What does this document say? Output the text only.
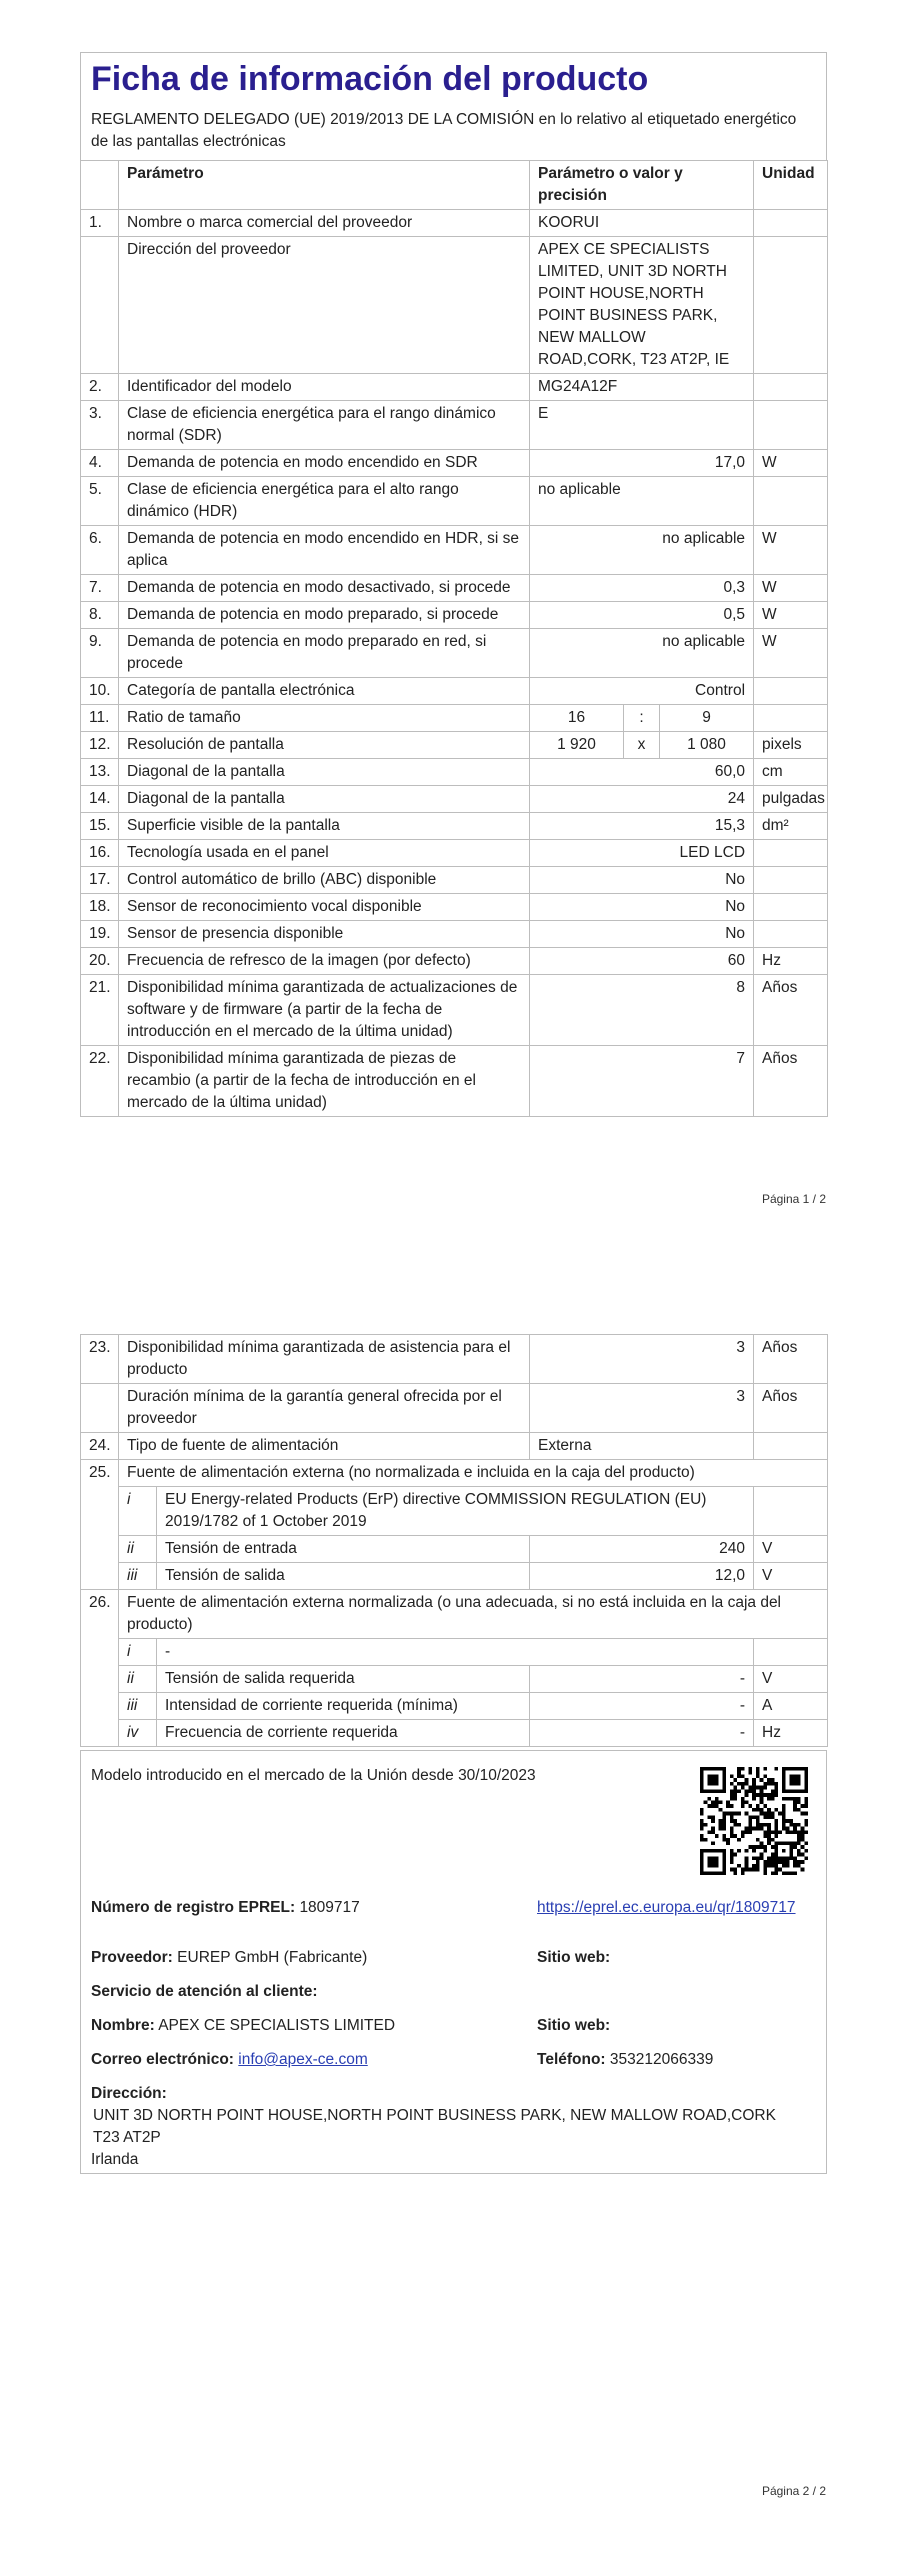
Ficha de información del producto

REGLAMENTO DELEGADO (UE) 2019/2013 DE LA COMISIÓN en lo relativo al etiquetado energético de las pantallas electrónicas

	Parámetro	Parámetro o valor y precisión			Unidad
1.	Nombre o marca comercial del proveedor	KOORUI			
	Dirección del proveedor	APEX CE SPECIALISTS LIMITED, UNIT 3D NORTH POINT HOUSE,NORTH POINT BUSINESS PARK, NEW MALLOW ROAD,CORK, T23 AT2P, IE			
2.	Identificador del modelo	MG24A12F			
3.	Clase de eficiencia energética para el rango dinámico normal (SDR)	E			
4.	Demanda de potencia en modo encendido en SDR	17,0			W
5.	Clase de eficiencia energética para el alto rango dinámico (HDR)	no aplicable			
6.	Demanda de potencia en modo encendido en HDR, si se aplica	no aplicable			W
7.	Demanda de potencia en modo desactivado, si procede	0,3			W
8.	Demanda de potencia en modo preparado, si procede	0,5			W
9.	Demanda de potencia en modo preparado en red, si procede	no aplicable			W
10.	Categoría de pantalla electrónica	Control			
11.	Ratio de tamaño	16	:	9	
12.	Resolución de pantalla	1 920	x	1 080	pixels
13.	Diagonal de la pantalla	60,0			cm
14.	Diagonal de la pantalla	24			pulgadas
15.	Superficie visible de la pantalla	15,3			dm²
16.	Tecnología usada en el panel	LED LCD			
17.	Control automático de brillo (ABC) disponible	No			
18.	Sensor de reconocimiento vocal disponible	No			
19.	Sensor de presencia disponible	No			
20.	Frecuencia de refresco de la imagen (por defecto)	60			Hz
21.	Disponibilidad mínima garantizada de actualizaciones de software y de firmware (a partir de la fecha de introducción en el mercado de la última unidad)	8			Años
22.	Disponibilidad mínima garantizada de piezas de recambio (a partir de la fecha de introducción en el mercado de la última unidad)	7			Años
Página 1 / 2
23.	Disponibilidad mínima garantizada de asistencia para el producto		3	Años
	Duración mínima de la garantía general ofrecida por el proveedor		3	Años
24.	Tipo de fuente de alimentación		Externa	
25.	Fuente de alimentación externa (no normalizada e incluida en la caja del producto)			
	i	EU Energy-related Products (ErP) directive COMMISSION REGULATION (EU) 2019/1782 of 1 October 2019		
	ii	Tensión de entrada	240	V
	iii	Tensión de salida	12,0	V
26.	Fuente de alimentación externa normalizada (o una adecuada, si no está incluida en la caja del producto)			
	i	-		
	ii	Tensión de salida requerida	-	V
	iii	Intensidad de corriente requerida (mínima)	-	A
	iv	Frecuencia de corriente requerida	-	Hz
Modelo introducido en el mercado de la Unión desde 30/10/2023
Número de registro EPREL: 1809717	https://eprel.ec.europa.eu/qr/1809717
Proveedor: EUREP GmbH (Fabricante)	Sitio web:
Servicio de atención al cliente:
Nombre: APEX CE SPECIALISTS LIMITED	Sitio web:
Correo electrónico: info@apex-ce.com	Teléfono: 353212066339
Dirección:
UNIT 3D NORTH POINT HOUSE,NORTH POINT BUSINESS PARK, NEW MALLOW ROAD,CORK
T23 AT2P
Irlanda
Página 2 / 2
